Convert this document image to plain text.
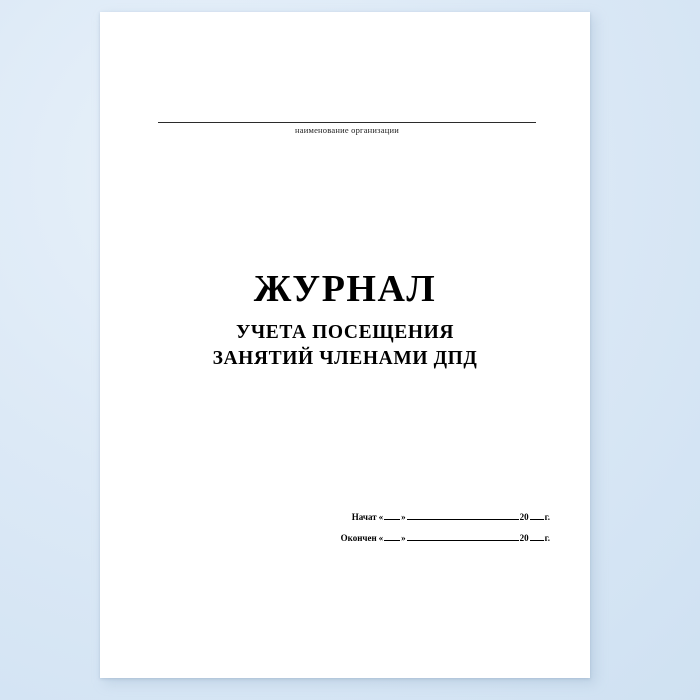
наименование организации
ЖУРНАЛ
УЧЕТА ПОСЕЩЕНИЯ
ЗАНЯТИЙ ЧЛЕНАМИ ДПД
Начат « »	20 г.
Окончен « »	20 г.
